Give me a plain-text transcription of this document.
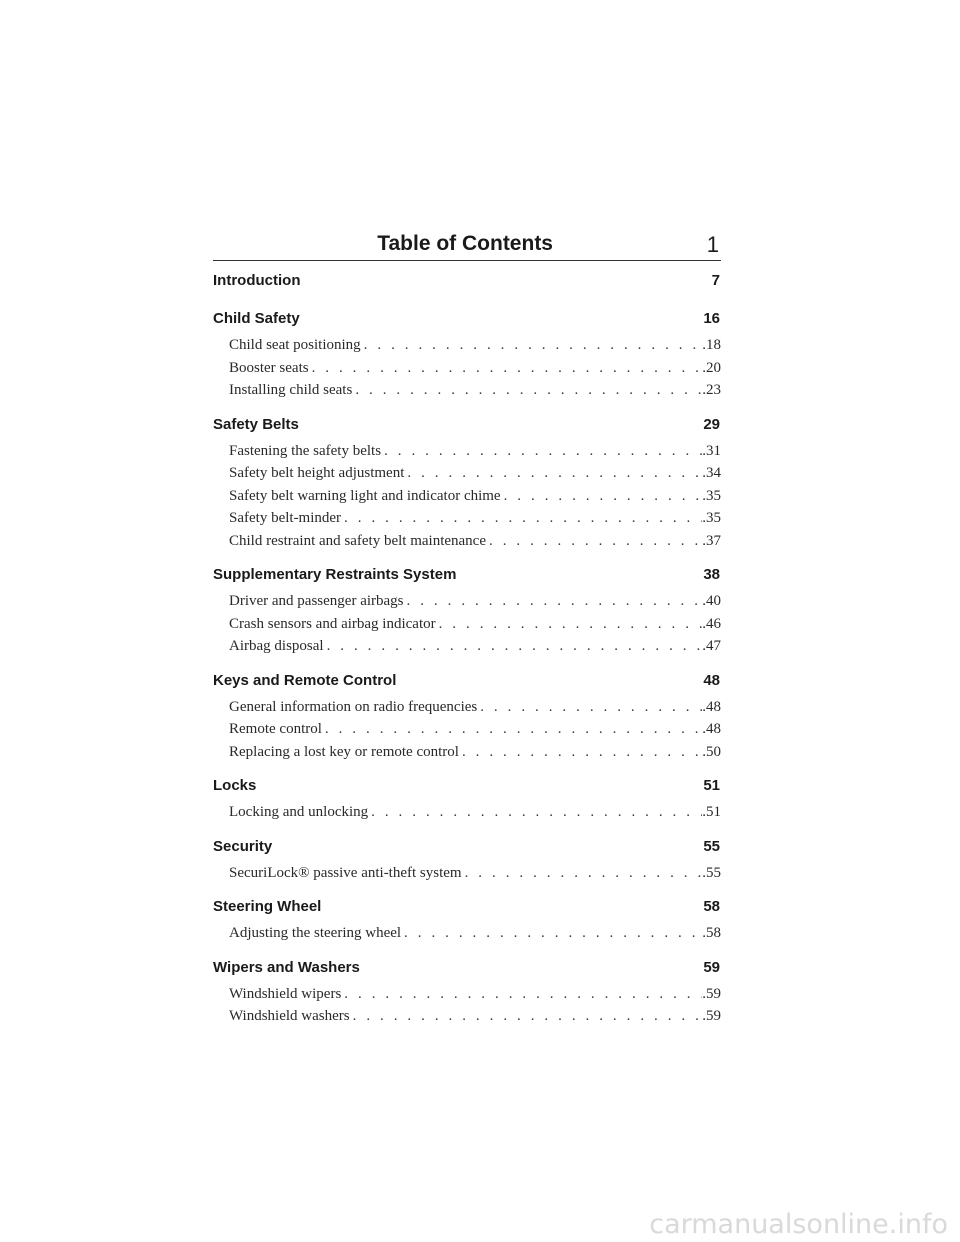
Table of Contents	1
Introduction	7
Child Safety	16
Child seat positioning . . .	.18
Booster seats . . .	.20
Installing child seats . . .	.23
Safety Belts	29
Fastening the safety belts . . .	.31
Safety belt height adjustment . . .	.34
Safety belt warning light and indicator chime . . .	.35
Safety belt-minder . . .	.35
Child restraint and safety belt maintenance . . .	.37
Supplementary Restraints System	38
Driver and passenger airbags . . .	.40
Crash sensors and airbag indicator . . .	.46
Airbag disposal . . .	.47
Keys and Remote Control	48
General information on radio frequencies . . .	.48
Remote control . . .	.48
Replacing a lost key or remote control . . .	.50
Locks	51
Locking and unlocking . . .	.51
Security	55
SecuriLock® passive anti-theft system . . .	.55
Steering Wheel	58
Adjusting the steering wheel . . .	.58
Wipers and Washers	59
Windshield wipers . . .	.59
Windshield washers . . .	.59
carmanualsonline.info
